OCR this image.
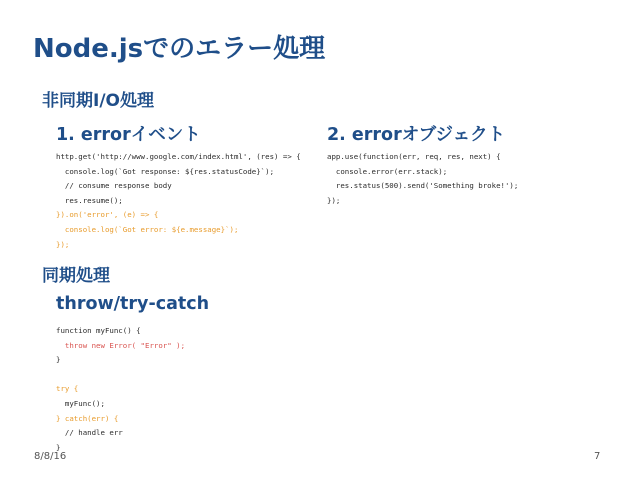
Node.jsでのエラー処理
非同期I/O処理
1. errorイベント
http.get('http://www.google.com/index.html', (res) => {
console.log(`Got response: ${res.statusCode}`);
// consume response body
res.resume();
}).on('error', (e) => {
console.log(`Got error: ${e.message}`);
});
2. errorオブジェクト
app.use(function(err, req, res, next) {
console.error(err.stack);
res.status(500).send('Something broke!');
});
同期処理
throw/try-catch
function myFunc() {
throw new Error( "Error" );
}
try {
myFunc();
} catch(err) {
// handle err
}
8/8/16	7
